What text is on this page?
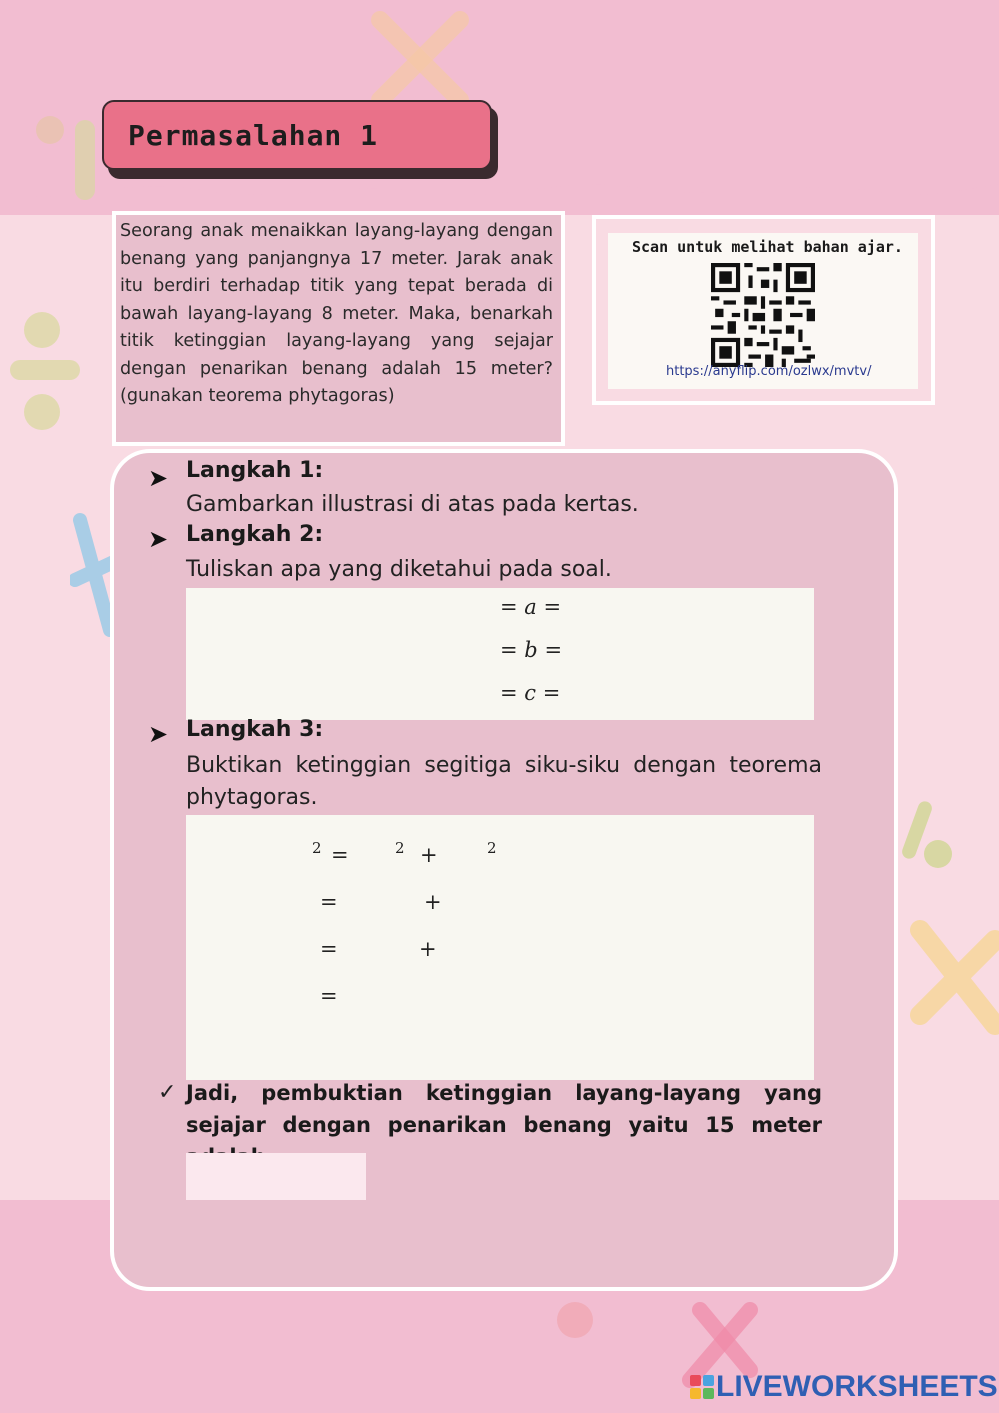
Permasalahan 1
Seorang anak menaikkan layang-layang dengan benang yang panjangnya 17 meter. Jarak anak itu berdiri terhadap titik yang tepat berada di bawah layang-layang 8 meter. Maka, benarkah titik ketinggian layang-layang yang sejajar dengan penarikan benang adalah 15 meter? (gunakan teorema phytagoras)
Scan untuk melihat bahan ajar.
https://anyflip.com/ozlwx/mvtv/
➤ Langkah 1:
Gambarkan illustrasi di atas pada kertas.
➤ Langkah 2:
Tuliskan apa yang diketahui pada soal.
= a =
= b =
= c =
➤ Langkah 3:
Buktikan ketinggian segitiga siku-siku dengan teorema phytagoras.
2 =	2 +	2
=	+
=	+
=
✓ Jadi, pembuktian ketinggian layang-layang yang sejajar dengan penarikan benang yaitu 15 meter
LIVEWORKSHEETS
